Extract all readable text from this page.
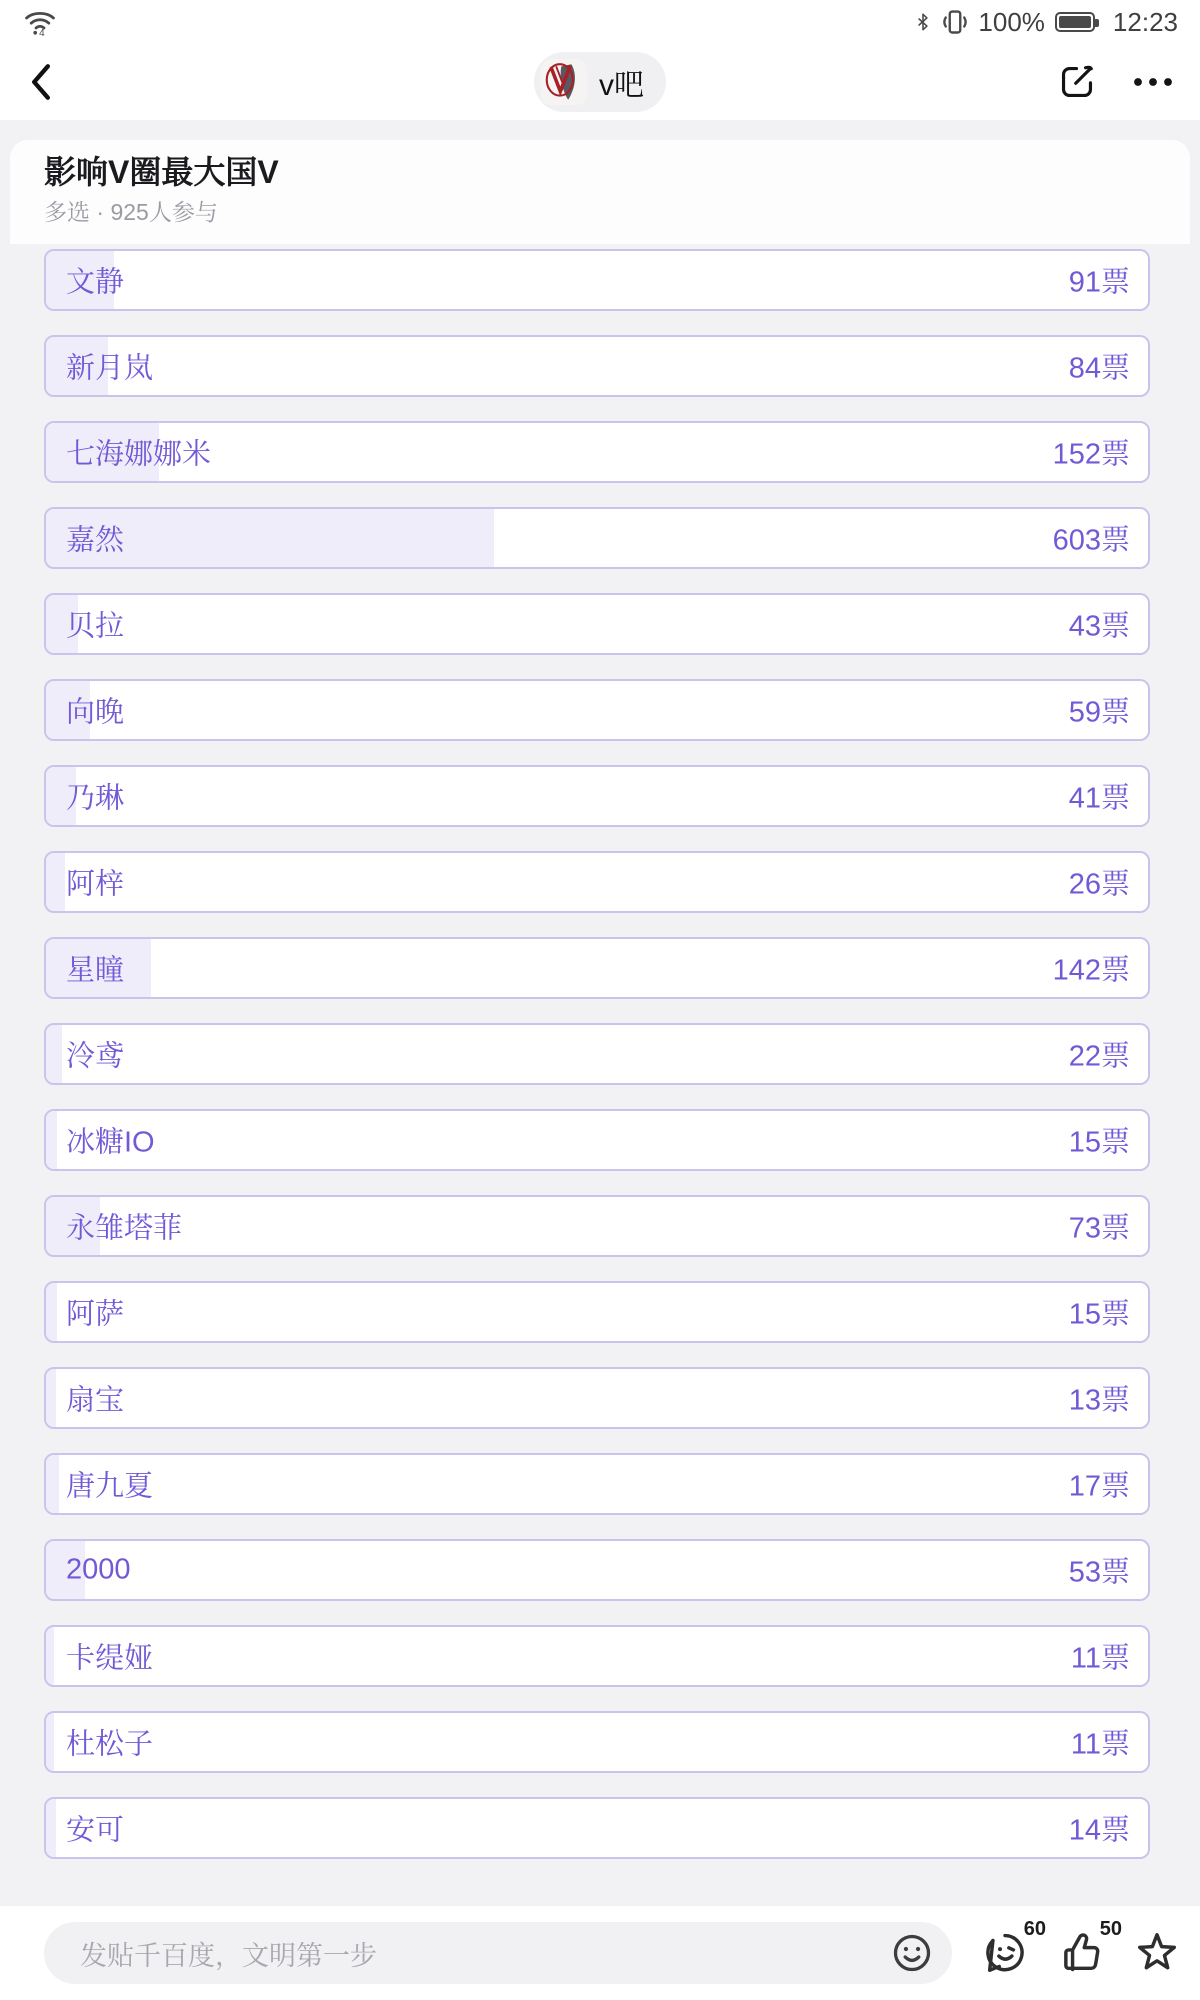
4	100%	12:23
v吧
影响V圈最大国V
多选 · 925人参与
文静	91票
新月岚	84票
七海娜娜米	152票
嘉然	603票
贝拉	43票
向晚	59票
乃琳	41票
阿梓	26票
星瞳	142票
泠鸢	22票
冰糖IO	15票
永雏塔菲	73票
阿萨	15票
扇宝	13票
唐九夏	17票
2000	53票
卡缇娅	11票
杜松子	11票
安可	14票
发贴千百度，文明第一步
60	50
